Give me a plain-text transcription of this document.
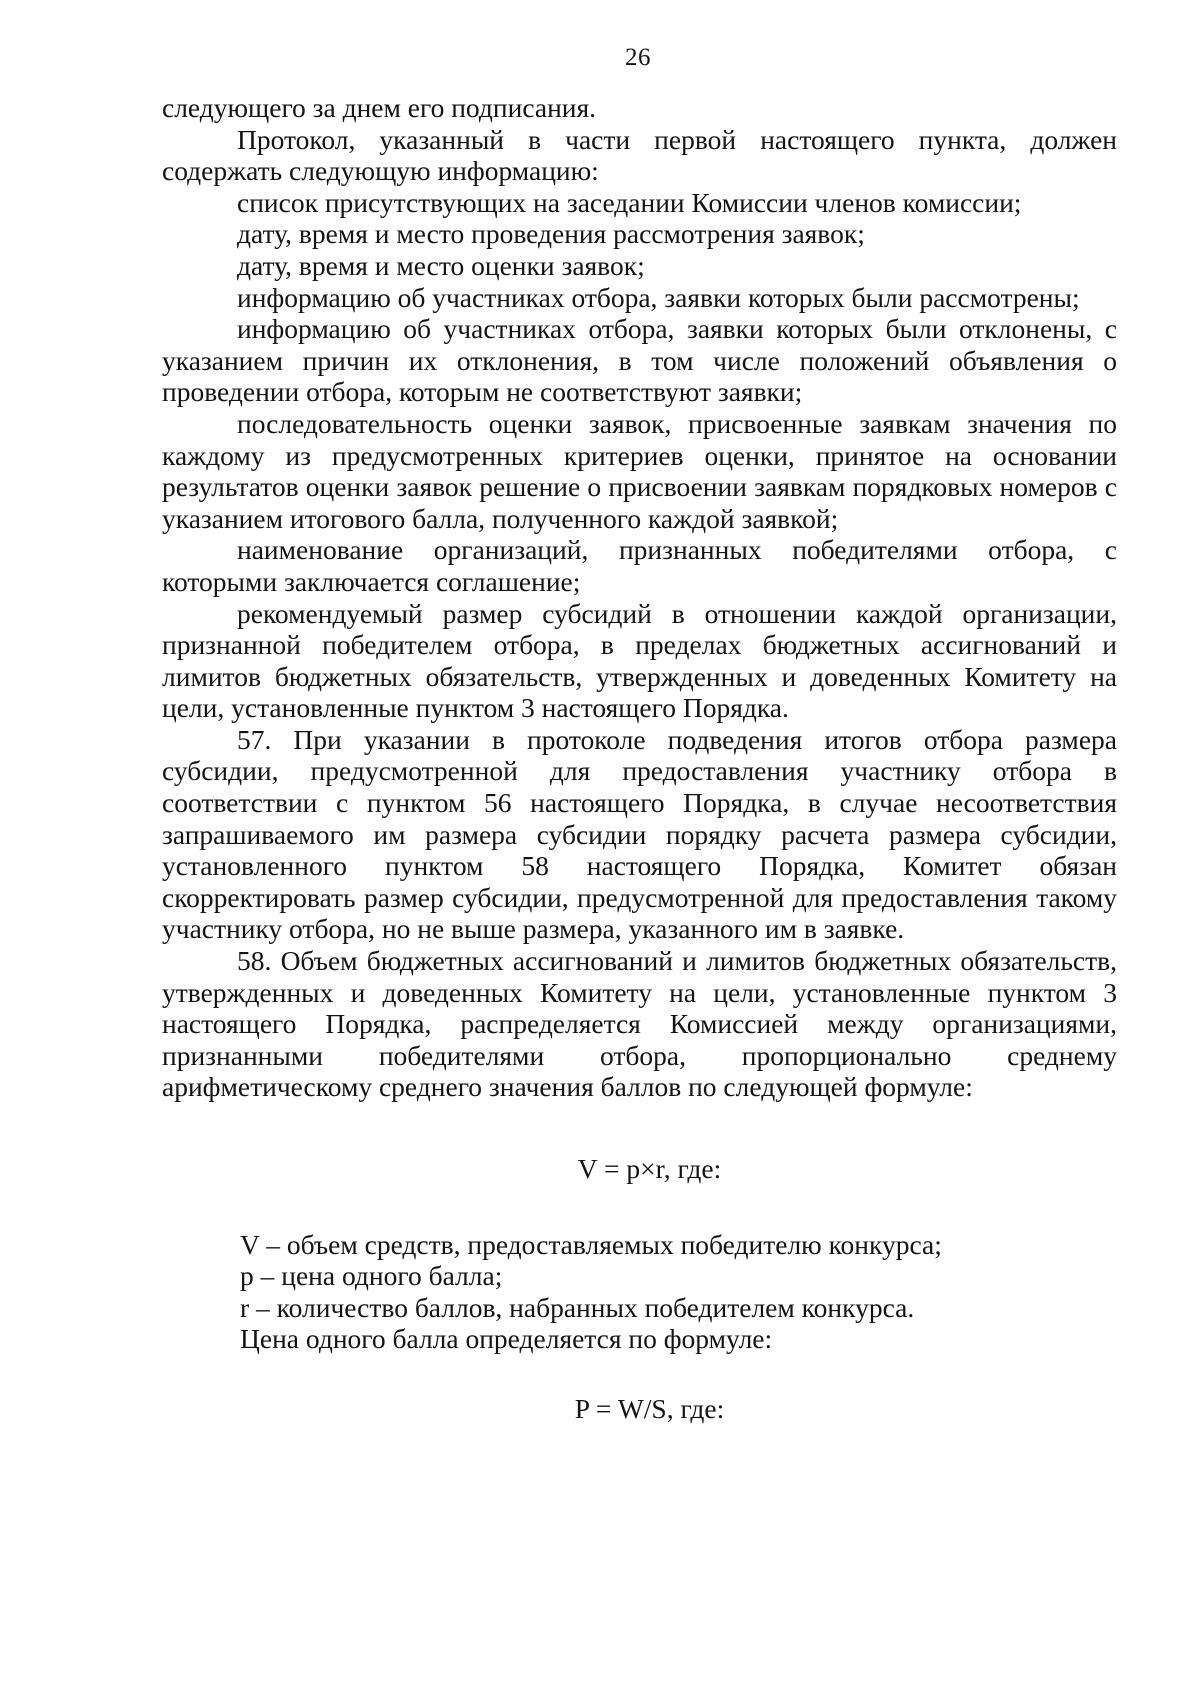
26

следующего за днем его подписания.

Протокол, указанный в части первой настоящего пункта, должен содержать следующую информацию:

список присутствующих на заседании Комиссии членов комиссии;

дату, время и место проведения рассмотрения заявок;

дату, время и место оценки заявок;

информацию об участниках отбора, заявки которых были рассмотрены;

информацию об участниках отбора, заявки которых были отклонены, с указанием причин их отклонения, в том числе положений объявления о проведении отбора, которым не соответствуют заявки;

последовательность оценки заявок, присвоенные заявкам значения по каждому из предусмотренных критериев оценки, принятое на основании результатов оценки заявок решение о присвоении заявкам порядковых номеров с указанием итогового балла, полученного каждой заявкой;

наименование организаций, признанных победителями отбора, с которыми заключается соглашение;

рекомендуемый размер субсидий в отношении каждой организации, признанной победителем отбора, в пределах бюджетных ассигнований и лимитов бюджетных обязательств, утвержденных и доведенных Комитету на цели, установленные пунктом 3 настоящего Порядка.

57. При указании в протоколе подведения итогов отбора размера субсидии, предусмотренной для предоставления участнику отбора в соответствии с пунктом 56 настоящего Порядка, в случае несоответствия запрашиваемого им размера субсидии порядку расчета размера субсидии, установленного пунктом 58 настоящего Порядка, Комитет обязан скорректировать размер субсидии, предусмотренной для предоставления такому участнику отбора, но не выше размера, указанного им в заявке.

58. Объем бюджетных ассигнований и лимитов бюджетных обязательств, утвержденных и доведенных Комитету на цели, установленные пунктом 3 настоящего Порядка, распределяется Комиссией между организациями, признанными победителями отбора, пропорционально среднему арифметическому среднего значения баллов по следующей формуле:

V = p×r, где:
V – объем средств, предоставляемых победителю конкурса;
p – цена одного балла;
r – количество баллов, набранных победителем конкурса.
Цена одного балла определяется по формуле:
P = W/S, где:
